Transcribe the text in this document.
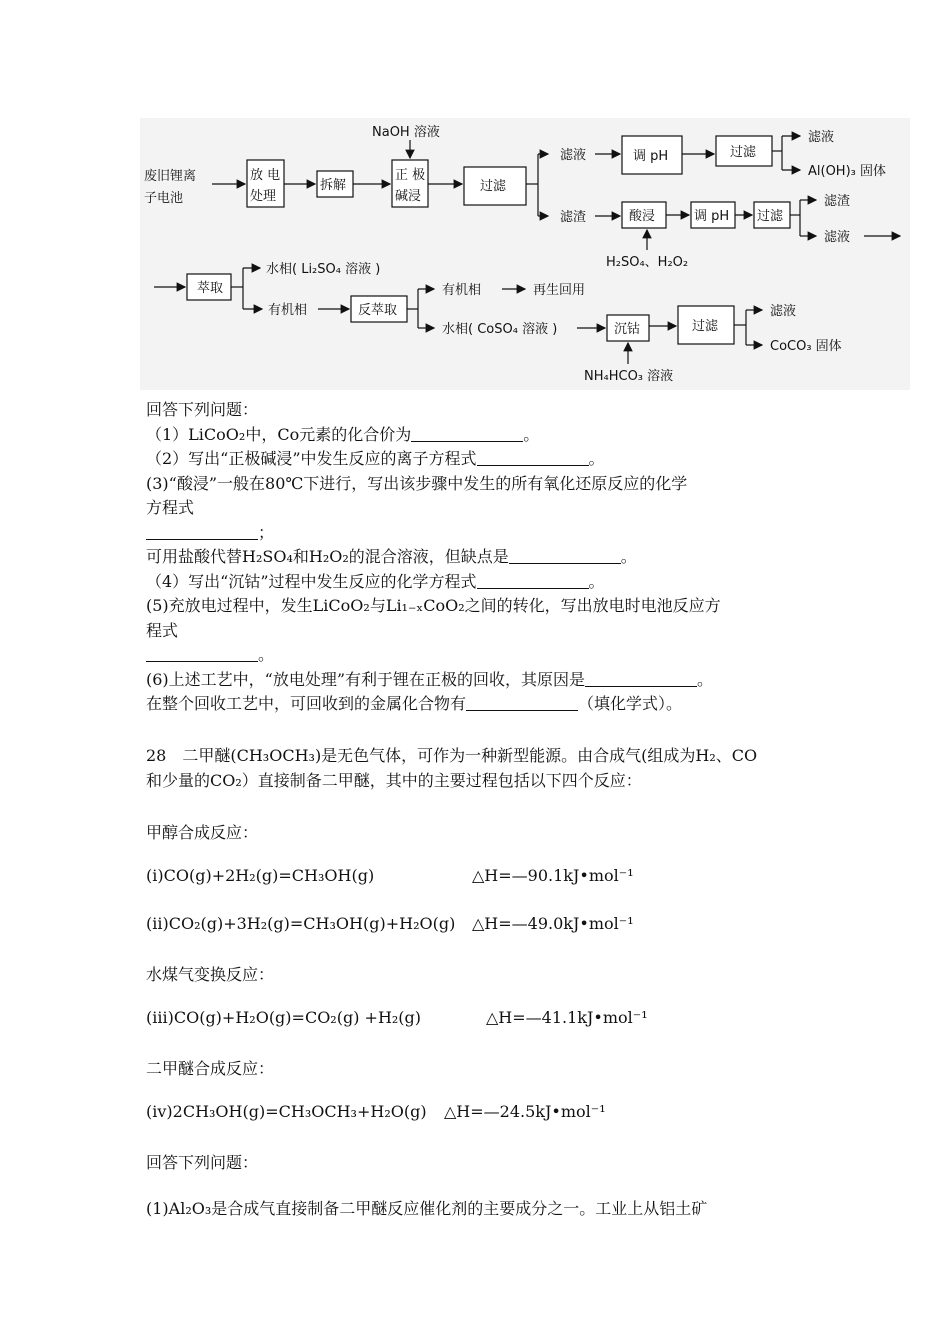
NaOH 溶液
废旧锂离
子电池
放 电
处理
拆解
正 极
碱浸
过滤
滤液	调 pH	过滤
滤液
Al(OH)₃ 固体
滤渣	酸浸	调 pH 过滤
滤渣
滤液
H₂SO₄、H₂O₂
萃取
水相( Li₂SO₄ 溶液 )
有机相	反萃取
有机相	再生回用
水相( CoSO₄ 溶液 )	沉钴	过滤
滤液
CoCO₃ 固体
NH₄HCO₃ 溶液
回答下列问题：
（1）LiCoO₂中，Co元素的化合价为	。
（2）写出“正极碱浸”中发生反应的离子方程式	。
(3)“酸浸”一般在80℃下进行，写出该步骤中发生的所有氧化还原反应的化学
方程式
；
可用盐酸代替H₂SO₄和H₂O₂的混合溶液，但缺点是	。
（4）写出“沉钴”过程中发生反应的化学方程式	。
(5)充放电过程中，发生LiCoO₂与Li₁₋ₓCoO₂之间的转化，写出放电时电池反应方
程式
。
(6)上述工艺中，“放电处理”有利于锂在正极的回收，其原因是	。
在整个回收工艺中，可回收到的金属化合物有	（填化学式）。
28　二甲醚(CH₃OCH₃)是无色气体，可作为一种新型能源。由合成气(组成为H₂、CO
和少量的CO₂）直接制备二甲醚，其中的主要过程包括以下四个反应：
甲醇合成反应：
(i)CO(g)+2H₂(g)=CH₃OH(g)	△H=—90.1kJ•mol⁻¹
(ii)CO₂(g)+3H₂(g)=CH₃OH(g)+H₂O(g) △H=—49.0kJ•mol⁻¹
水煤气变换反应：
(iii)CO(g)+H₂O(g)=CO₂(g) +H₂(g)	△H=—41.1kJ•mol⁻¹
二甲醚合成反应：
(iv)2CH₃OH(g)=CH₃OCH₃+H₂O(g) △H=—24.5kJ•mol⁻¹
回答下列问题：
(1)Al₂O₃是合成气直接制备二甲醚反应催化剂的主要成分之一。工业上从铝土矿
